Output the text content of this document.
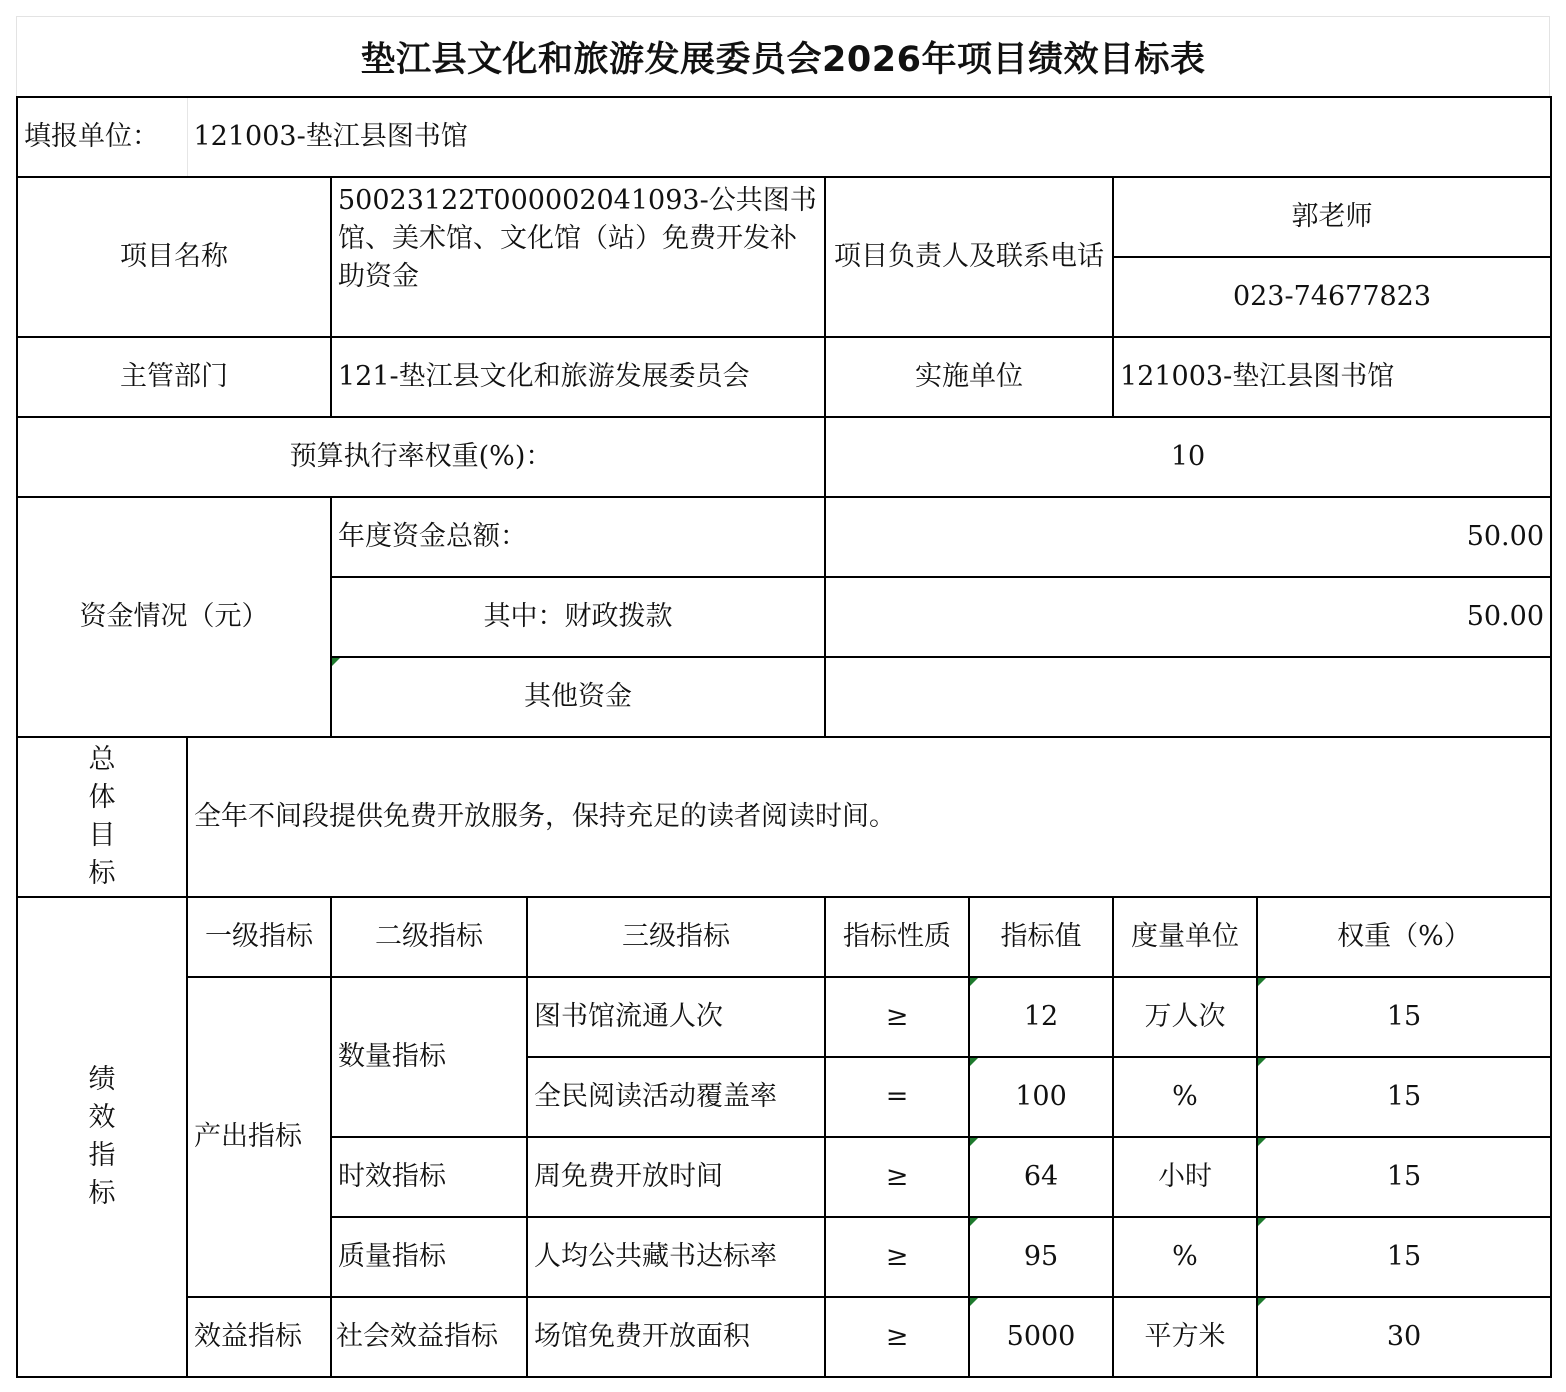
垫江县文化和旅游发展委员会2026年项目绩效目标表
填报单位：	121003-垫江县图书馆						
项目名称		50023122T000002041093-公共图书馆、美术馆、文化馆（站）免费开发补助资金		项目负责人及联系电话		郭老师	
						023-74677823	
主管部门		121-垫江县文化和旅游发展委员会		实施单位		121003-垫江县图书馆	
预算执行率权重(%)：				10			
资金情况（元）		年度资金总额：		50.00			
		其中：财政拨款		50.00			
		其他资金					
总体目标	全年不间段提供免费开放服务，保持充足的读者阅读时间。						
绩效指标	一级指标	二级指标	三级指标	指标性质	指标值	度量单位	权重（%）
	产出指标	数量指标	图书馆流通人次	≥	12	万人次	15
			全民阅读活动覆盖率	=	100	%	15
		时效指标	周免费开放时间	≥	64	小时	15
		质量指标	人均公共藏书达标率	≥	95	%	15
	效益指标	社会效益指标	场馆免费开放面积	≥	5000	平方米	30
